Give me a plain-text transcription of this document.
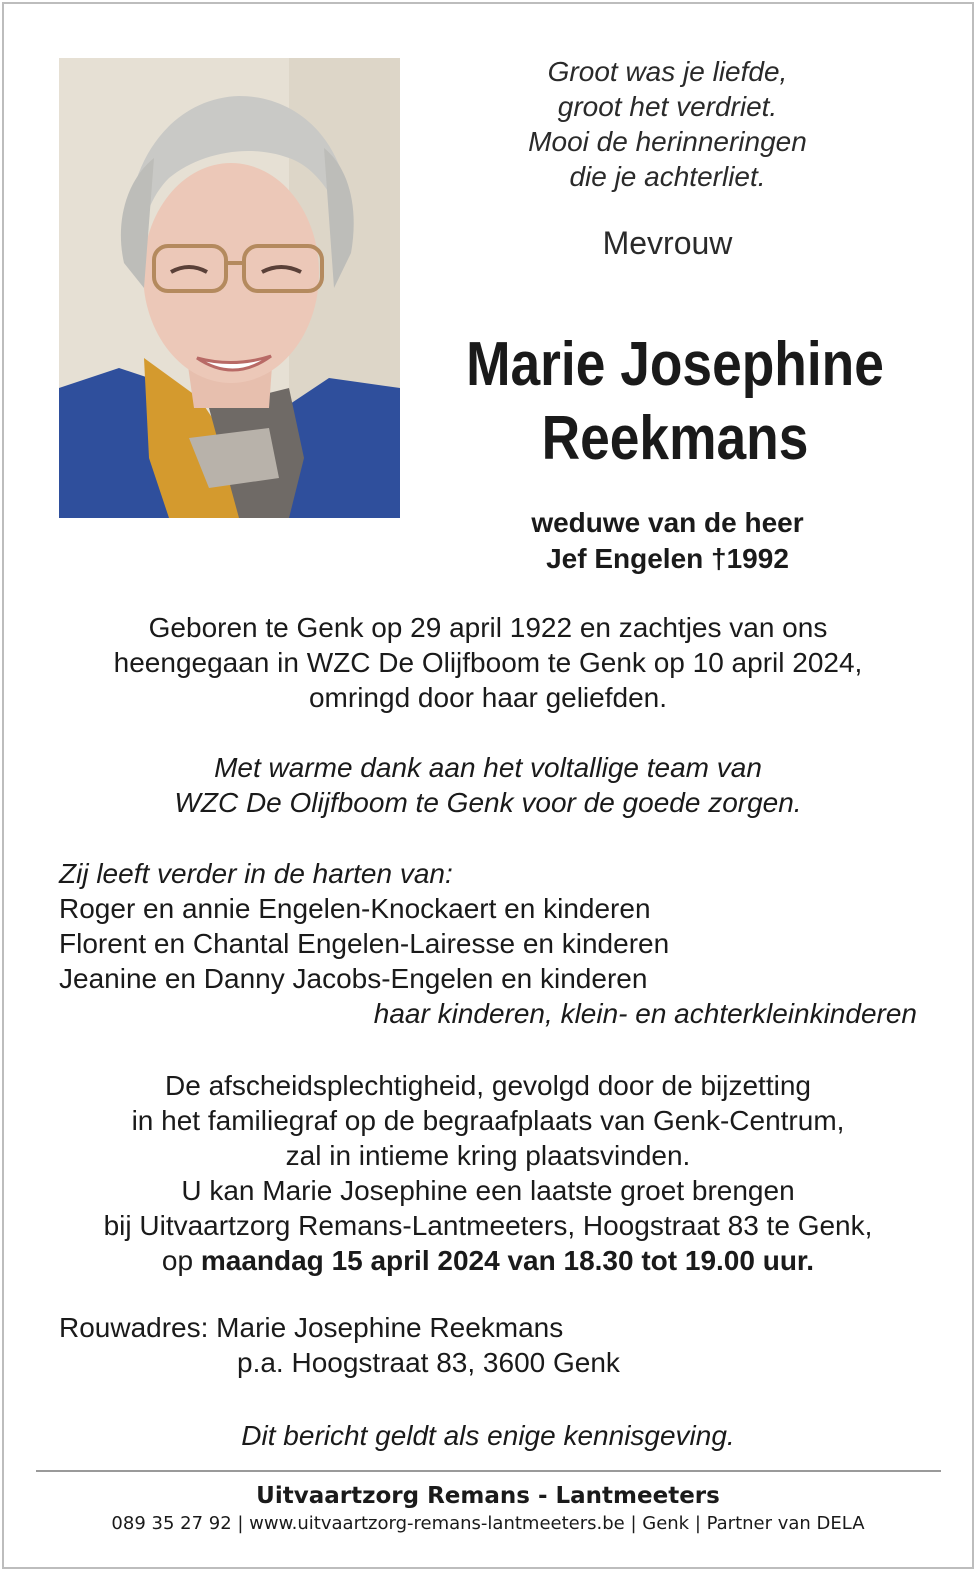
Groot was je liefde,
groot het verdriet.
Mooi de herinneringen
die je achterliet.
Mevrouw
Marie Josephine
Reekmans
weduwe van de heer
Jef Engelen †1992
Geboren te Genk op 29 april 1922 en zachtjes van ons
heengegaan in WZC De Olijfboom te Genk op 10 april 2024,
omringd door haar geliefden.
Met warme dank aan het voltallige team van
WZC De Olijfboom te Genk voor de goede zorgen.
Zij leeft verder in de harten van:
Roger en annie Engelen-Knockaert en kinderen
Florent en Chantal Engelen-Lairesse en kinderen
Jeanine en Danny Jacobs-Engelen en kinderen
haar kinderen, klein- en achterkleinkinderen
De afscheidsplechtigheid, gevolgd door de bijzetting
in het familiegraf op de begraafplaats van Genk-Centrum,
zal in intieme kring plaatsvinden.
U kan Marie Josephine een laatste groet brengen
bij Uitvaartzorg Remans-Lantmeeters, Hoogstraat 83 te Genk,
op maandag 15 april 2024 van 18.30 tot 19.00 uur.
Rouwadres: Marie Josephine Reekmans
p.a. Hoogstraat 83, 3600 Genk
Dit bericht geldt als enige kennisgeving.
Uitvaartzorg Remans - Lantmeeters
089 35 27 92 | www.uitvaartzorg-remans-lantmeeters.be | Genk | Partner van DELA
